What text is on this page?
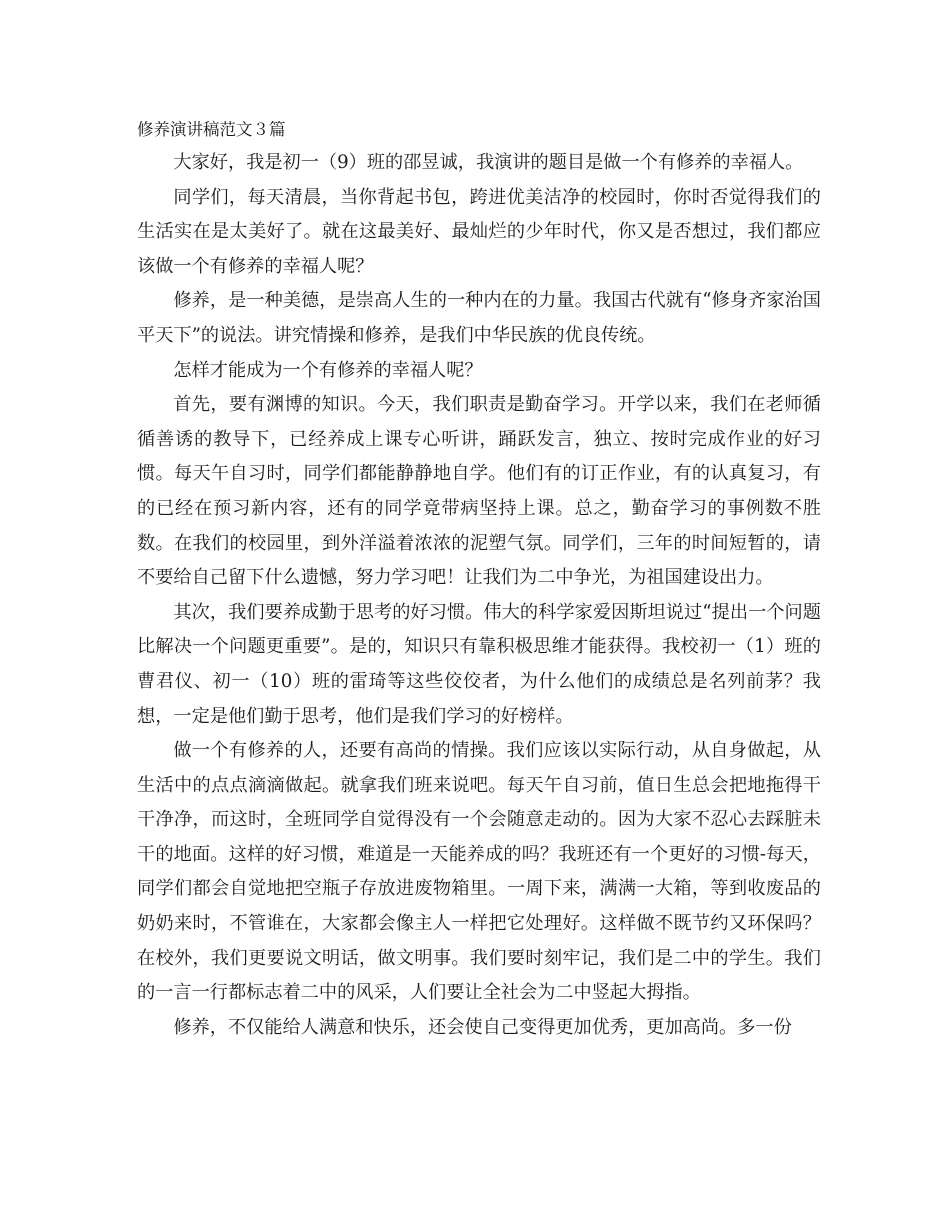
修养演讲稿范文３篇

大家好，我是初一（9）班的邵昱诚，我演讲的题目是做一个有修养的幸福人。

同学们，每天清晨，当你背起书包，跨进优美洁净的校园时，你时否觉得我们的生活实在是太美好了。就在这最美好、最灿烂的少年时代，你又是否想过，我们都应该做一个有修养的幸福人呢？

修养，是一种美德，是崇高人生的一种内在的力量。我国古代就有“修身齐家治国平天下”的说法。讲究情操和修养，是我们中华民族的优良传统。

怎样才能成为一个有修养的幸福人呢？

首先，要有渊博的知识。今天，我们职责是勤奋学习。开学以来，我们在老师循循善诱的教导下，已经养成上课专心听讲，踊跃发言，独立、按时完成作业的好习惯。每天午自习时，同学们都能静静地自学。他们有的订正作业，有的认真复习，有的已经在预习新内容，还有的同学竟带病坚持上课。总之，勤奋学习的事例数不胜数。在我们的校园里，到外洋溢着浓浓的泥塑气氛。同学们，三年的时间短暂的，请不要给自己留下什么遗憾，努力学习吧！让我们为二中争光，为祖国建设出力。

其次，我们要养成勤于思考的好习惯。伟大的科学家爱因斯坦说过“提出一个问题比解决一个问题更重要”。是的，知识只有靠积极思维才能获得。我校初一（1）班的曹君仪、初一（10）班的雷琦等这些佼佼者，为什么他们的成绩总是名列前茅？我想，一定是他们勤于思考，他们是我们学习的好榜样。

做一个有修养的人，还要有高尚的情操。我们应该以实际行动，从自身做起，从生活中的点点滴滴做起。就拿我们班来说吧。每天午自习前，值日生总会把地拖得干干净净，而这时，全班同学自觉得没有一个会随意走动的。因为大家不忍心去踩脏未干的地面。这样的好习惯，难道是一天能养成的吗？我班还有一个更好的习惯-每天，同学们都会自觉地把空瓶子存放进废物箱里。一周下来，满满一大箱，等到收废品的奶奶来时，不管谁在，大家都会像主人一样把它处理好。这样做不既节约又环保吗？在校外，我们更要说文明话，做文明事。我们要时刻牢记，我们是二中的学生。我们的一言一行都标志着二中的风采，人们要让全社会为二中竖起大拇指。

修养，不仅能给人满意和快乐，还会使自己变得更加优秀，更加高尚。多一份
